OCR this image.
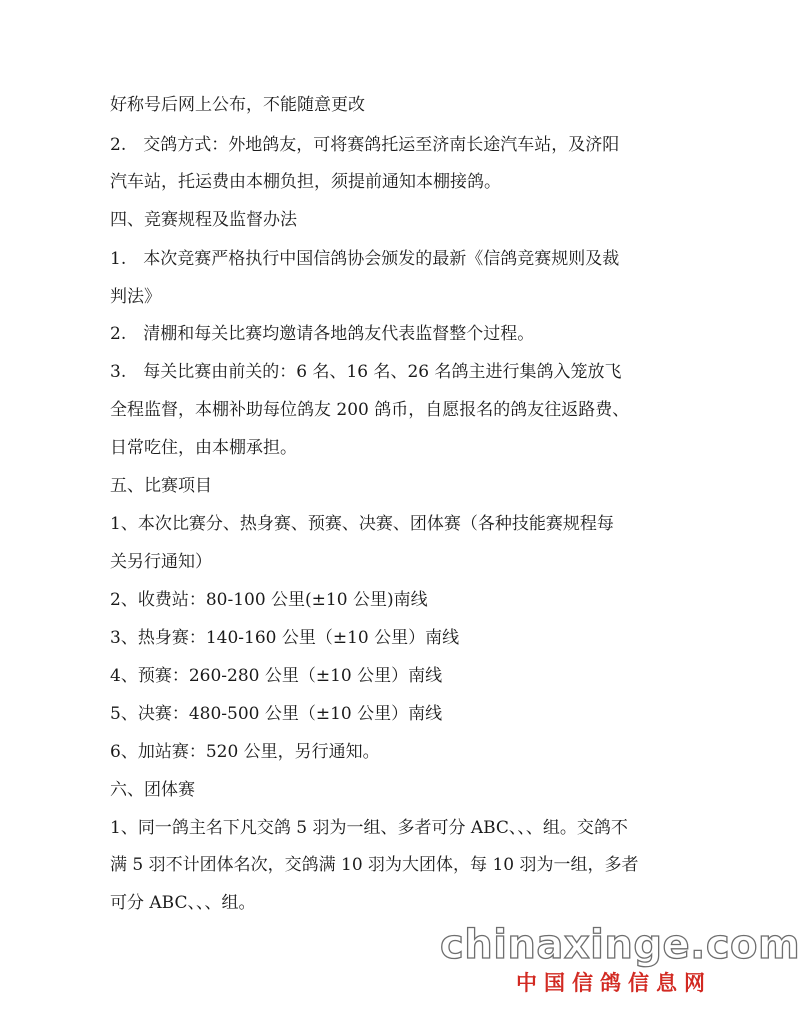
好称号后网上公布，不能随意更改
2.　交鸽方式：外地鸽友，可将赛鸽托运至济南长途汽车站，及济阳
汽车站，托运费由本棚负担，须提前通知本棚接鸽。
四、竞赛规程及监督办法
1.　本次竞赛严格执行中国信鸽协会颁发的最新《信鸽竞赛规则及裁
判法》
2.　清棚和每关比赛均邀请各地鸽友代表监督整个过程。
3.　每关比赛由前关的：6 名、16 名、26 名鸽主进行集鸽入笼放飞
全程监督，本棚补助每位鸽友 200 鸽币，自愿报名的鸽友往返路费、
日常吃住，由本棚承担。
五、比赛项目
1、本次比赛分、热身赛、预赛、决赛、团体赛（各种技能赛规程每
关另行通知）
2、收费站：80-100 公里(±10 公里)南线
3、热身赛：140-160 公里（±10 公里）南线
4、预赛：260-280 公里（±10 公里）南线
5、决赛：480-500 公里（±10 公里）南线
6、加站赛：520 公里，另行通知。
六、团体赛
1、同一鸽主名下凡交鸽 5 羽为一组、多者可分 ABC、、、组。交鸽不
满 5 羽不计团体名次，交鸽满 10 羽为大团体，每 10 羽为一组，多者
可分 ABC、、、组。
chinaxinge.com
中国信鸽信息网
